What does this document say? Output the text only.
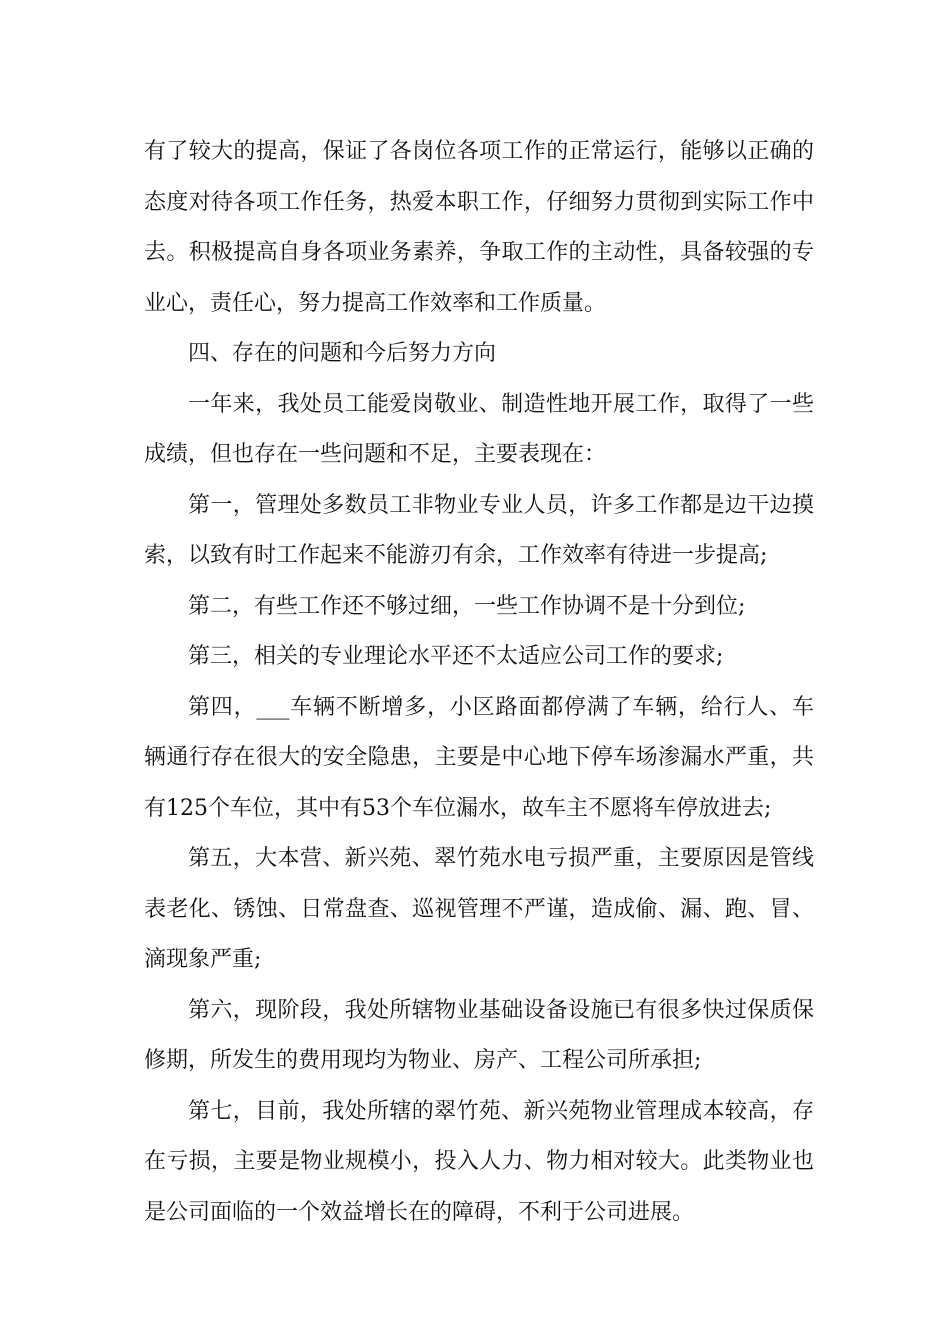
有了较大的提高，保证了各岗位各项工作的正常运行，能够以正确的态度对待各项工作任务，热爱本职工作，仔细努力贯彻到实际工作中去。积极提高自身各项业务素养，争取工作的主动性，具备较强的专业心，责任心，努力提高工作效率和工作质量。

四、存在的问题和今后努力方向

一年来，我处员工能爱岗敬业、制造性地开展工作，取得了一些成绩，但也存在一些问题和不足，主要表现在：

第一，管理处多数员工非物业专业人员，许多工作都是边干边摸索，以致有时工作起来不能游刃有余，工作效率有待进一步提高;

第二，有些工作还不够过细，一些工作协调不是十分到位;

第三，相关的专业理论水平还不太适应公司工作的要求;

第四，___车辆不断增多，小区路面都停满了车辆，给行人、车辆通行存在很大的安全隐患，主要是中心地下停车场渗漏水严重，共有125个车位，其中有53个车位漏水，故车主不愿将车停放进去;

第五，大本营、新兴苑、翠竹苑水电亏损严重，主要原因是管线表老化、锈蚀、日常盘查、巡视管理不严谨，造成偷、漏、跑、冒、滴现象严重;

第六，现阶段，我处所辖物业基础设备设施已有很多快过保质保修期，所发生的费用现均为物业、房产、工程公司所承担;

第七，目前，我处所辖的翠竹苑、新兴苑物业管理成本较高，存在亏损，主要是物业规模小，投入人力、物力相对较大。此类物业也是公司面临的一个效益增长在的障碍，不利于公司进展。
